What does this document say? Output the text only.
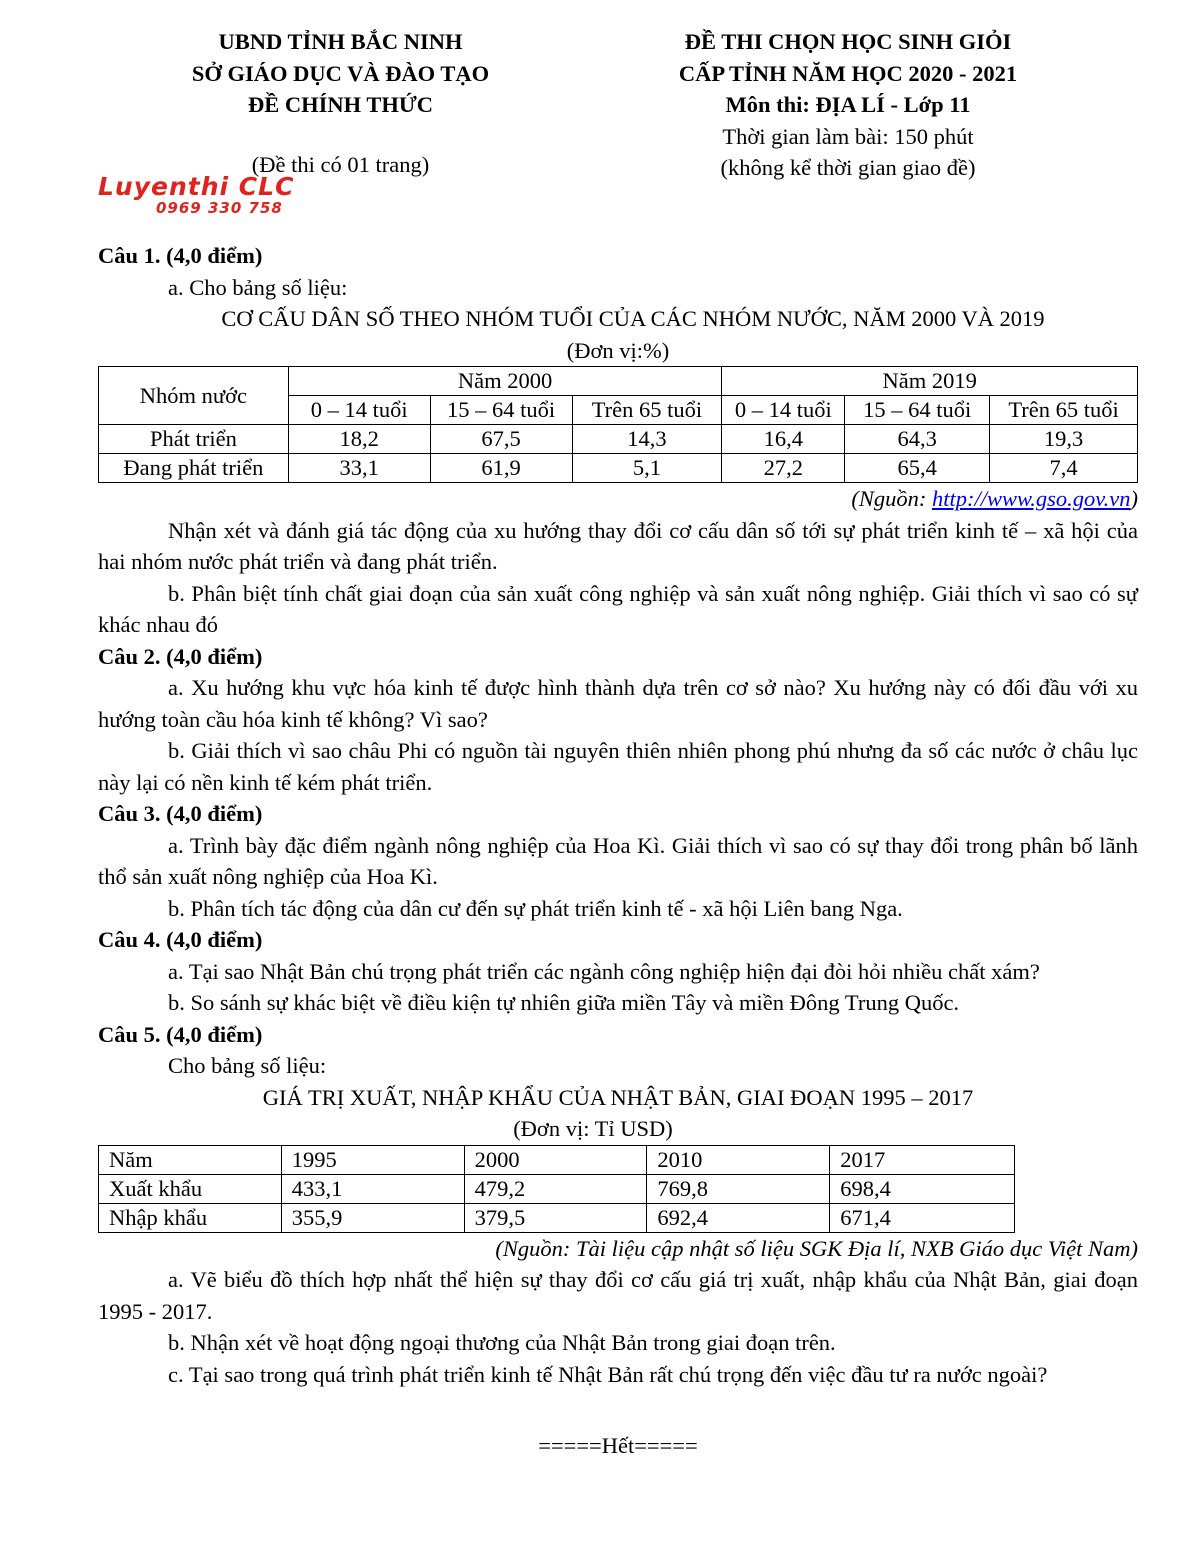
UBND TỈNH BẮC NINH
SỞ GIÁO DỤC VÀ ĐÀO TẠO
ĐỀ CHÍNH THỨC
(Đề thi có 01 trang)
ĐỀ THI CHỌN HỌC SINH GIỎI
CẤP TỈNH NĂM HỌC 2020 - 2021
Môn thi: ĐỊA LÍ - Lớp 11
Thời gian làm bài: 150 phút
(không kể thời gian giao đề)
Luyenthi CLC
0969 330 758

Câu 1. (4,0 điểm)

a. Cho bảng số liệu:

CƠ CẤU DÂN SỐ THEO NHÓM TUỔI CỦA CÁC NHÓM NƯỚC, NĂM 2000 VÀ 2019

(Đơn vị:%)

Nhóm nước	Năm 2000			Năm 2019		
	0 – 14 tuổi	15 – 64 tuổi	Trên 65 tuổi	0 – 14 tuổi	15 – 64 tuổi	Trên 65 tuổi
Phát triển	18,2	67,5	14,3	16,4	64,3	19,3
Đang phát triển	33,1	61,9	5,1	27,2	65,4	7,4

(Nguồn: http://www.gso.gov.vn)

Nhận xét và đánh giá tác động của xu hướng thay đổi cơ cấu dân số tới sự phát triển kinh tế – xã hội của hai nhóm nước phát triển và đang phát triển.

b. Phân biệt tính chất giai đoạn của sản xuất công nghiệp và sản xuất nông nghiệp. Giải thích vì sao có sự khác nhau đó

Câu 2. (4,0 điểm)

a. Xu hướng khu vực hóa kinh tế được hình thành dựa trên cơ sở nào? Xu hướng này có đối đầu với xu hướng toàn cầu hóa kinh tế không? Vì sao?

b. Giải thích vì sao châu Phi có nguồn tài nguyên thiên nhiên phong phú nhưng đa số các nước ở châu lục này lại có nền kinh tế kém phát triển.

Câu 3. (4,0 điểm)

a. Trình bày đặc điểm ngành nông nghiệp của Hoa Kì. Giải thích vì sao có sự thay đổi trong phân bố lãnh thổ sản xuất nông nghiệp của Hoa Kì.

b. Phân tích tác động của dân cư đến sự phát triển kinh tế - xã hội Liên bang Nga.

Câu 4. (4,0 điểm)

a. Tại sao Nhật Bản chú trọng phát triển các ngành công nghiệp hiện đại đòi hỏi nhiều chất xám?

b. So sánh sự khác biệt về điều kiện tự nhiên giữa miền Tây và miền Đông Trung Quốc.

Câu 5. (4,0 điểm)

Cho bảng số liệu:

GIÁ TRỊ XUẤT, NHẬP KHẨU CỦA NHẬT BẢN, GIAI ĐOẠN 1995 – 2017

(Đơn vị: Tỉ USD)

Năm	1995	2000	2010	2017
Xuất khẩu	433,1	479,2	769,8	698,4
Nhập khẩu	355,9	379,5	692,4	671,4

(Nguồn: Tài liệu cập nhật số liệu SGK Địa lí, NXB Giáo dục Việt Nam)

a. Vẽ biểu đồ thích hợp nhất thể hiện sự thay đổi cơ cấu giá trị xuất, nhập khẩu của Nhật Bản, giai đoạn 1995 - 2017.

b. Nhận xét về hoạt động ngoại thương của Nhật Bản trong giai đoạn trên.

c. Tại sao trong quá trình phát triển kinh tế Nhật Bản rất chú trọng đến việc đầu tư ra nước ngoài?

=====Hết=====
